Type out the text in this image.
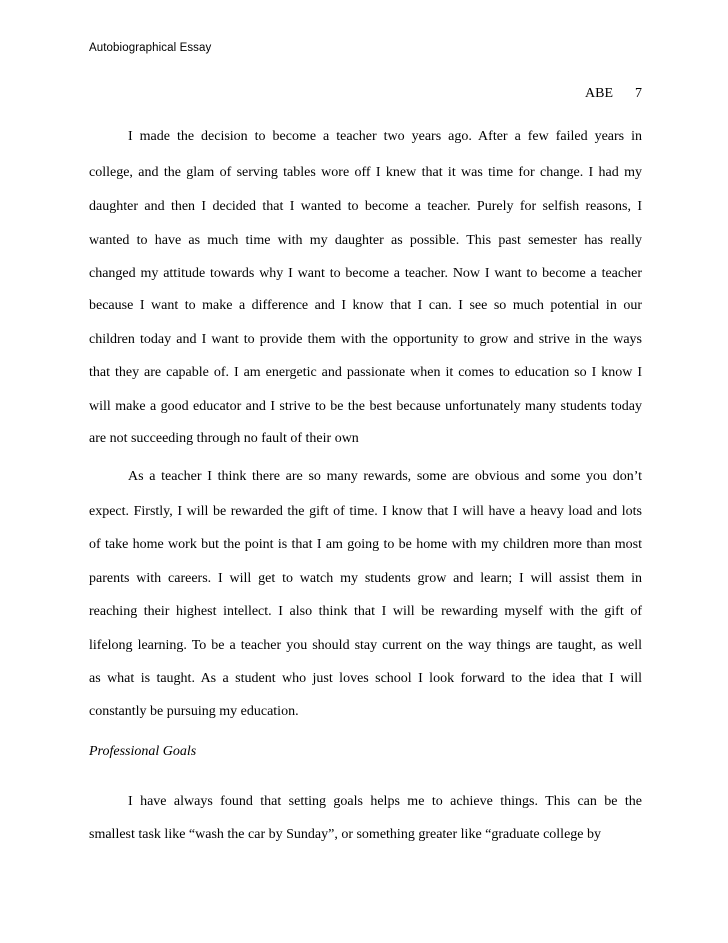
Autobiographical Essay
ABE 7
I made the decision to become a teacher two years ago. After a few failed years in
college, and the glam of serving tables wore off I knew that it was time for change. I had my
daughter and then I decided that I wanted to become a teacher. Purely for selfish reasons, I
wanted to have as much time with my daughter as possible. This past semester has really
changed my attitude towards why I want to become a teacher. Now I want to become a teacher
because I want to make a difference and I know that I can. I see so much potential in our
children today and I want to provide them with the opportunity to grow and strive in the ways
that they are capable of. I am energetic and passionate when it comes to education so I know I
will make a good educator and I strive to be the best because unfortunately many students today
are not succeeding through no fault of their own
As a teacher I think there are so many rewards, some are obvious and some you don’t
expect. Firstly, I will be rewarded the gift of time. I know that I will have a heavy load and lots
of take home work but the point is that I am going to be home with my children more than most
parents with careers. I will get to watch my students grow and learn; I will assist them in
reaching their highest intellect. I also think that I will be rewarding myself with the gift of
lifelong learning. To be a teacher you should stay current on the way things are taught, as well
as what is taught. As a student who just loves school I look forward to the idea that I will
constantly be pursuing my education.
Professional Goals
I have always found that setting goals helps me to achieve things. This can be the
smallest task like “wash the car by Sunday”, or something greater like “graduate college by
